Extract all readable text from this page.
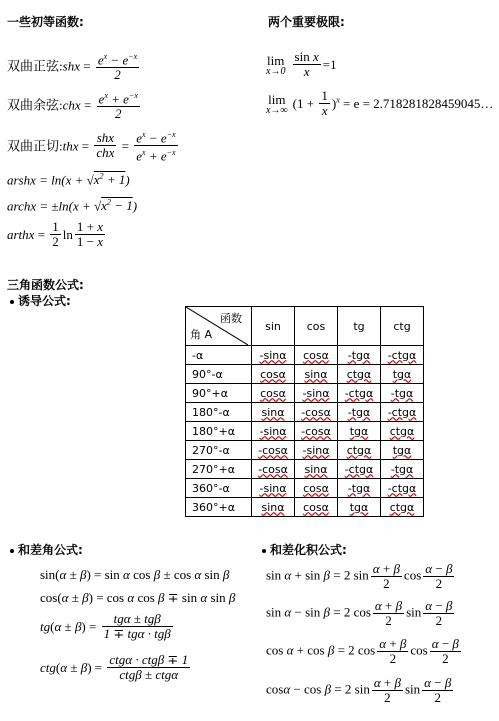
一些初等函数:	两个重要极限:
双曲正弦:shx = $\frac{e^x - e^{-x}}{2}$
双曲余弦:chx = $\frac{e^x + e^{-x}}{2}$
双曲正切:thx = $\frac{\text{shx}}{\text{chx}} = \frac{e^x - e^{-x}}{e^x + e^{-x}}$
arshx = $\ln(x + √x^2 + 1)$
archx = $\pm\ln(x + √x^2 - 1)$
arthx = $\frac{1}{2}$ $\ln \frac{1 + x}{1 - x}$
lim
x→0
$\frac{\text{sin x}}{x} =1$
lim
x→∞ $(1 + \frac{1}{x} )^x = e$ = 2.718281828459045…
三角函数公式:
诱导公式:
函数
角 A	sin	cos	tg	ctg
-α	-sinα	cosα	-tgα	-ctgα
90°-α	cosα	sinα	ctgα	tgα
90°+α	cosα	-sinα	-ctgα	-tgα
180°-α	sinα	-cosα	-tgα	-ctgα
180°+α	-sinα	-cosα	tgα	ctgα
270°-α	-cosα	-sinα	ctgα	tgα
270°+α	-cosα	sinα	-ctgα	-tgα
360°-α	-sinα	cosα	-tgα	-ctgα
360°+α	sinα	cosα	tgα	ctgα
和差角公式:
sin(α ± β) = sin α cos β ± cos α sin β
cos(α ± β) = cos α cos β ∓ sin α sin β
$tg(\alpha \pm \beta) = \frac{\text{tgα ± tgβ}}{\text{1 ∓ tgα · tgβ}}$
$ctg(\alpha \pm \beta) = \frac{\text{ctgα · ctgβ ∓ 1}}{\text{ctgβ ± ctgα}}$
和差化积公式:
sin α + sin β = 2 $\sin \frac{\alpha + \beta}{2}$ $\cos \frac{\alpha - \beta}{2}$
sin α − sin β = 2 $\cos \frac{\alpha + \beta}{2}$ $\sin \frac{\alpha - \beta}{2}$
cos α + cos β = 2 $\cos \frac{\alpha + \beta}{2}$ $\cos \frac{\alpha - \beta}{2}$
cosα − cos β = 2 $\sin \frac{\alpha + \beta}{2}$ $\sin \frac{\alpha - \beta}{2}$
